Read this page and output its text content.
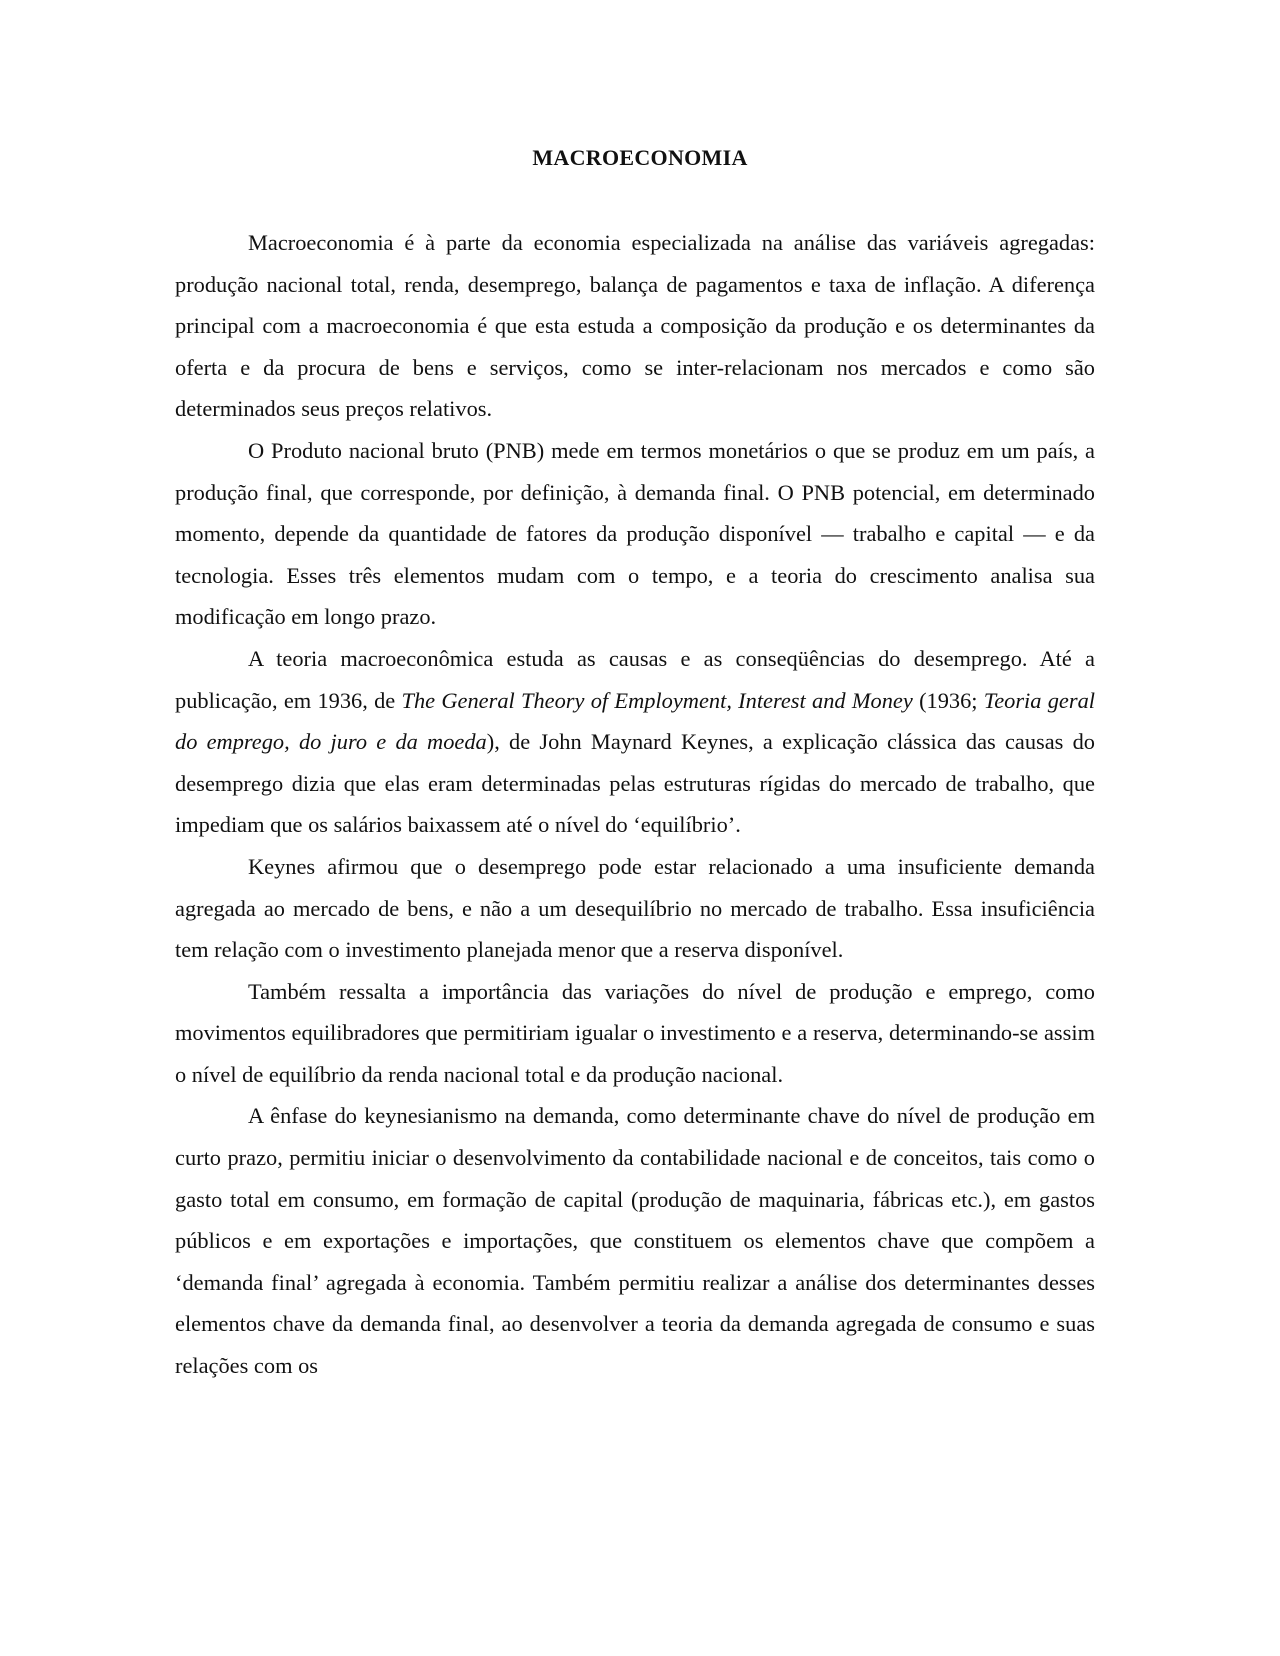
MACROECONOMIA

Macroeconomia é à parte da economia especializada na análise das variáveis agregadas: produção nacional total, renda, desemprego, balança de pagamentos e taxa de inflação. A diferença principal com a macroeconomia é que esta estuda a composição da produção e os determinantes da oferta e da procura de bens e serviços, como se inter-relacionam nos mercados e como são determinados seus preços relativos.

O Produto nacional bruto (PNB) mede em termos monetários o que se produz em um país, a produção final, que corresponde, por definição, à demanda final. O PNB potencial, em determinado momento, depende da quantidade de fatores da produção disponível — trabalho e capital — e da tecnologia. Esses três elementos mudam com o tempo, e a teoria do crescimento analisa sua modificação em longo prazo.

A teoria macroeconômica estuda as causas e as conseqüências do desemprego. Até a publicação, em 1936, de The General Theory of Employment, Interest and Money (1936; Teoria geral do emprego, do juro e da moeda), de John Maynard Keynes, a explicação clássica das causas do desemprego dizia que elas eram determinadas pelas estruturas rígidas do mercado de trabalho, que impediam que os salários baixassem até o nível do ‘equilíbrio’.

Keynes afirmou que o desemprego pode estar relacionado a uma insuficiente demanda agregada ao mercado de bens, e não a um desequilíbrio no mercado de trabalho. Essa insuficiência tem relação com o investimento planejada menor que a reserva disponível.

Também ressalta a importância das variações do nível de produção e emprego, como movimentos equilibradores que permitiriam igualar o investimento e a reserva, determinando-se assim o nível de equilíbrio da renda nacional total e da produção nacional.

A ênfase do keynesianismo na demanda, como determinante chave do nível de produção em curto prazo, permitiu iniciar o desenvolvimento da contabilidade nacional e de conceitos, tais como o gasto total em consumo, em formação de capital (produção de maquinaria, fábricas etc.), em gastos públicos e em exportações e importações, que constituem os elementos chave que compõem a ‘demanda final’ agregada à economia. Também permitiu realizar a análise dos determinantes desses elementos chave da demanda final, ao desenvolver a teoria da demanda agregada de consumo e suas relações com os
